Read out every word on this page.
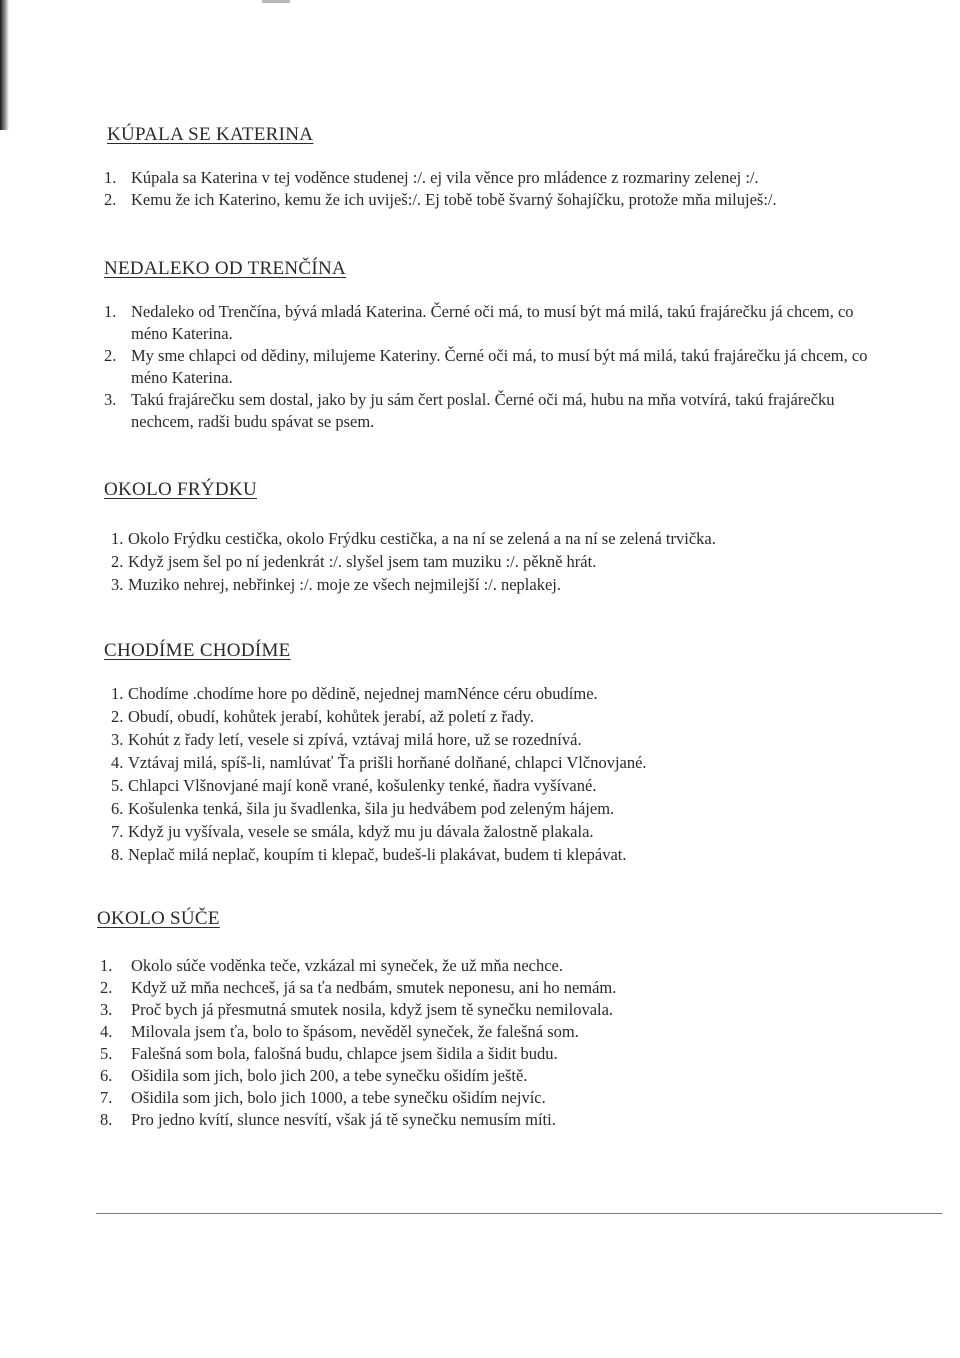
KÚPALA SE KATERINA
1. Kúpala sa Katerina v tej voděnce studenej :/. ej vila věnce pro mládence z rozmariny zelenej :/.
2. Kemu že ich Katerino, kemu že ich uviješ:/. Ej tobě tobě švarný šohajíčku, protože mňa miluješ:/.
NEDALEKO OD TRENČÍNA
1. Nedaleko od Trenčína, bývá mladá Katerina. Černé oči má, to musí být má milá, takú frajárečku já chcem, co méno Katerina.
2. My sme chlapci od dědiny, milujeme Kateriny. Černé oči má, to musí být má milá, takú frajárečku já chcem, co méno Katerina.
3. Takú frajárečku sem dostal, jako by ju sám čert poslal. Černé oči má, hubu na mňa votvírá, takú frajárečku nechcem, radši budu spávat se psem.
OKOLO FRÝDKU
1. Okolo Frýdku cestička, okolo Frýdku cestička, a na ní se zelená a na ní se zelená trvička.
2. Když jsem šel po ní jedenkrát :/. slyšel jsem tam muziku :/. pěkně hrát.
3. Muziko nehrej, nebřinkej :/. moje ze všech nejmilejší :/. neplakej.
CHODÍME CHODÍME
1. Chodíme .chodíme hore po dědině, nejednej mamNénce céru obudíme.
2. Obudí, obudí, kohůtek jerabí, kohůtek jerabí, až poletí z řady.
3. Kohút z řady letí, vesele si zpívá, vztávaj milá hore, už se rozednívá.
4. Vztávaj milá, spíš-li, namlúvať Ťa prišli horňané dolňané, chlapci Vlčnovjané.
5. Chlapci Vlšnovjané mají koně vrané, košulenky tenké, ňadra vyšívané.
6. Košulenka tenká, šila ju švadlenka, šila ju hedvábem pod zeleným hájem.
7. Když ju vyšívala, vesele se smála, když mu ju dávala žalostně plakala.
8. Neplač milá neplač, koupím ti klepač, budeš-li plakávat, budem ti klepávat.
OKOLO SÚČE
1.	Okolo súče voděnka teče, vzkázal mi syneček, že už mňa nechce.
2.	Když už mňa nechceš, já sa ťa nedbám, smutek neponesu, ani ho nemám.
3.	Proč bych já přesmutná smutek nosila, když jsem tě synečku nemilovala.
4.	Milovala jsem ťa, bolo to špásom, nevěděl syneček, že falešná som.
5.	Falešná som bola, falošná budu, chlapce jsem šidila a šidit budu.
6.	Ošidila som jich, bolo jich 200, a tebe synečku ošidím ještě.
7.	Ošidila som jich, bolo jich 1000, a tebe synečku ošidím nejvíc.
8.	Pro jedno kvítí, slunce nesvítí, však já tě synečku nemusím míti.
